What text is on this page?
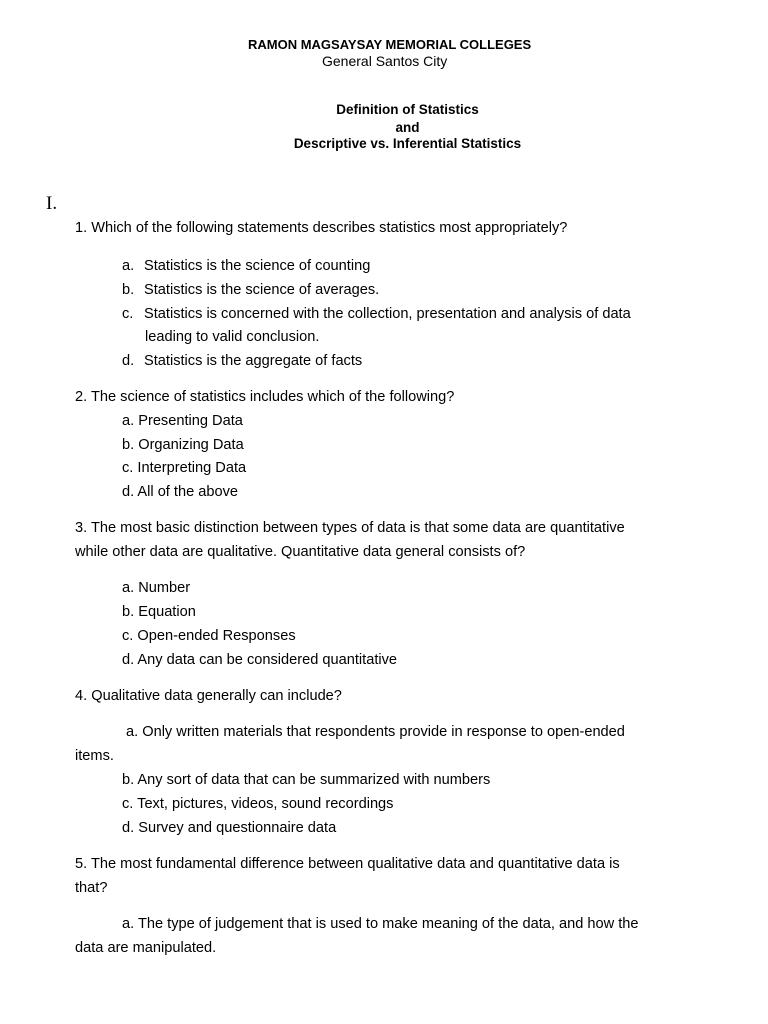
RAMON MAGSAYSAY MEMORIAL COLLEGES
General Santos City
Definition of Statistics
and
Descriptive vs. Inferential Statistics
I.
1. Which of the following statements describes statistics most appropriately?
a. Statistics is the science of counting
b. Statistics is the science of averages.
c. Statistics is concerned with the collection, presentation and analysis of data
leading to valid conclusion.
d. Statistics is the aggregate of facts
2. The science of statistics includes which of the following?
a. Presenting Data
b. Organizing Data
c. Interpreting Data
d. All of the above
3. The most basic distinction between types of data is that some data are quantitative
while other data are qualitative. Quantitative data general consists of?
a. Number
b. Equation
c. Open-ended Responses
d. Any data can be considered quantitative
4. Qualitative data generally can include?
a. Only written materials that respondents provide in response to open-ended
items.
b. Any sort of data that can be summarized with numbers
c. Text, pictures, videos, sound recordings
d. Survey and questionnaire data
5. The most fundamental difference between qualitative data and quantitative data is
that?
a. The type of judgement that is used to make meaning of the data, and how the
data are manipulated.
